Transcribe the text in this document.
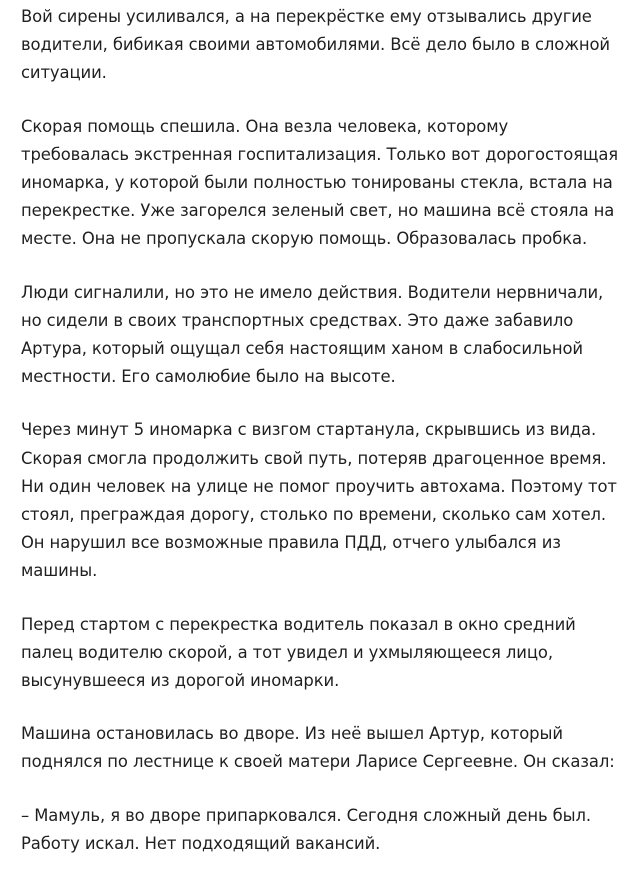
Вой сирены усиливался, а на перекрёстке ему отзывались другие водители, бибикая своими автомобилями. Всё дело было в сложной ситуации.

Скорая помощь спешила. Она везла человека, которому требовалась экстренная госпитализация. Только вот дорогостоящая иномарка, у которой были полностью тонированы стекла, встала на перекрестке. Уже загорелся зеленый свет, но машина всё стояла на месте. Она не пропускала скорую помощь. Образовалась пробка.

Люди сигналили, но это не имело действия. Водители нервничали, но сидели в своих транспортных средствах. Это даже забавило Артура, который ощущал себя настоящим ханом в слабосильной местности. Его самолюбие было на высоте.

Через минут 5 иномарка с визгом стартанула, скрывшись из вида. Скорая смогла продолжить свой путь, потеряв драгоценное время. Ни один человек на улице не помог проучить автохама. Поэтому тот стоял, преграждая дорогу, столько по времени, сколько сам хотел. Он нарушил все возможные правила ПДД, отчего улыбался из машины.

Перед стартом с перекрестка водитель показал в окно средний палец водителю скорой, а тот увидел и ухмыляющееся лицо, высунувшееся из дорогой иномарки.

Машина остановилась во дворе. Из неё вышел Артур, который поднялся по лестнице к своей матери Ларисе Сергеевне. Он сказал:

– Мамуль, я во дворе припарковался. Сегодня сложный день был. Работу искал. Нет подходящий вакансий.
